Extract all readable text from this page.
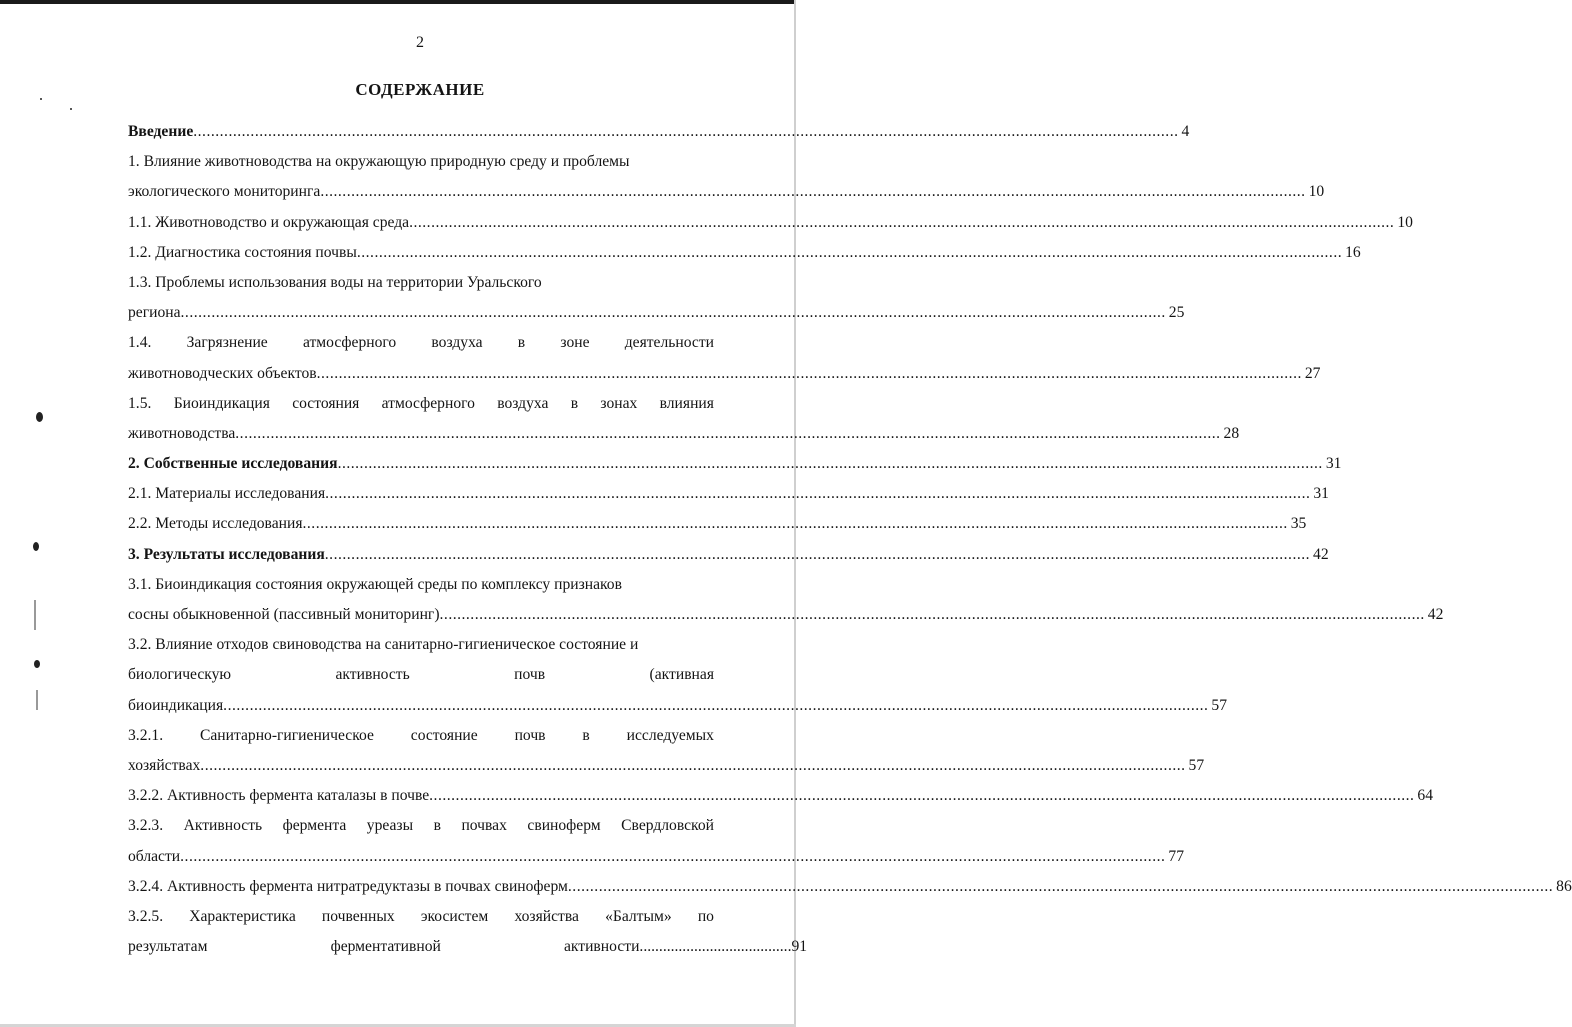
2
СОДЕРЖАНИЕ
Введение .....	4
1. Влияние животноводства на окружающую природную среду и проблемы
экологического мониторинга .....	10
1.1. Животноводство и окружающая среда .....	10
1.2. Диагностика состояния почвы .....	16
1.3. Проблемы использования воды на территории Уральского
региона .....	25
1.4. Загрязнение атмосферного воздуха в зоне деятельности
животноводческих объектов .....	27
1.5. Биоиндикация состояния атмосферного воздуха в зонах влияния
животноводства .....	28
2. Собственные исследования .....	31
2.1. Материалы исследования .....	31
2.2. Методы исследования .....	35
3. Результаты исследования .....	42
3.1. Биоиндикация состояния окружающей среды по комплексу признаков
сосны обыкновенной (пассивный мониторинг) .....	42
3.2. Влияние отходов свиноводства на санитарно-гигиеническое состояние и
биологическую	активность	почв	(активная
биоиндикация .....	57
3.2.1. Санитарно-гигиеническое состояние почв в исследуемых
хозяйствах .....	57
3.2.2. Активность фермента каталазы в почве .....	64
3.2.3. Активность фермента уреазы в почвах свиноферм Свердловской
области .....	77
3.2.4. Активность фермента нитратредуктазы в почвах свиноферм .....	86
3.2.5. Характеристика почвенных экосистем хозяйства «Балтым» по
результатам	ферментативной	активности ....................................... 91
